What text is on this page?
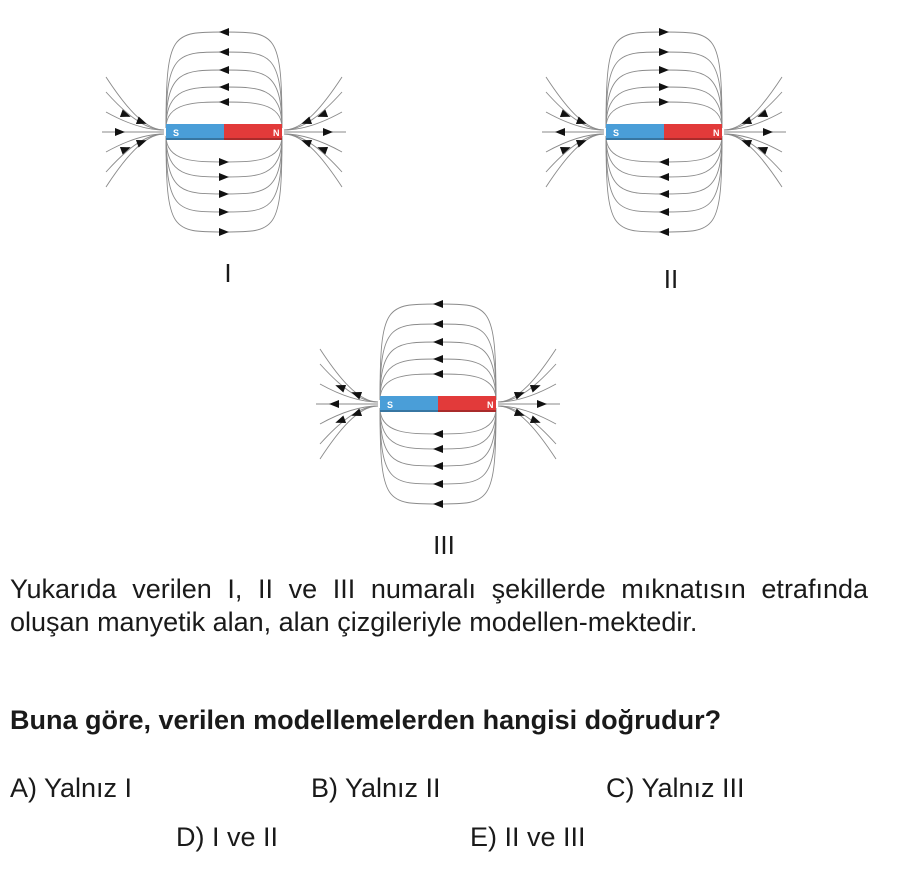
S	N
I
S	N
II
S	N
III
Yukarıda verilen I, II ve III numaralı şekillerde mıknatısın etrafında oluşan manyetik alan, alan çizgileriyle modellen-mektedir.
Buna göre, verilen modellemelerden hangisi doğrudur?
A) Yalnız I	B) Yalnız II	C) Yalnız III
D) I ve II	E) II ve III
